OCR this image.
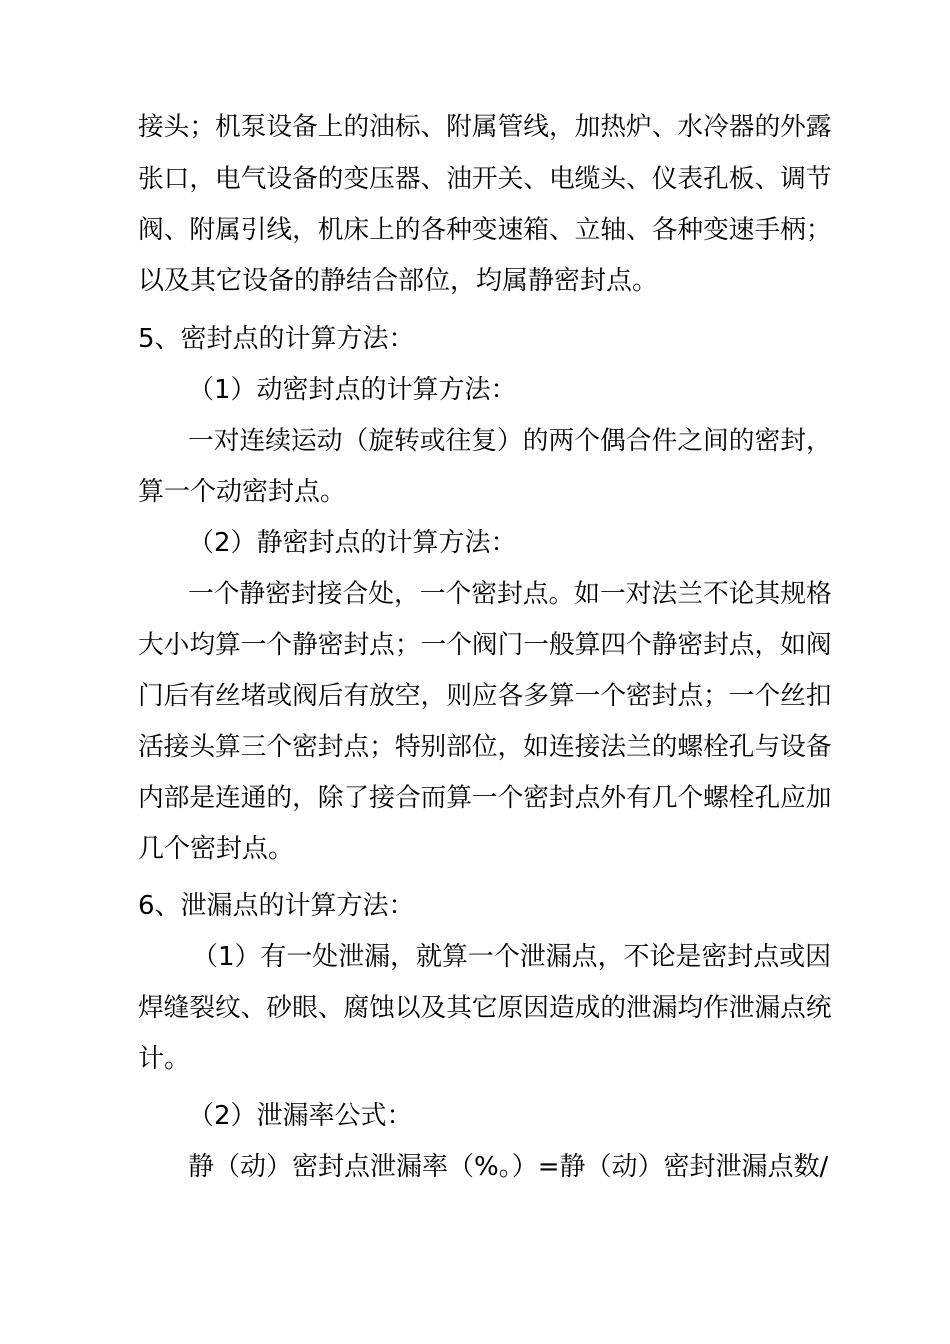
接头；机泵设备上的油标、附属管线，加热炉、水冷器的外露
张口，电气设备的变压器、油开关、电缆头、仪表孔板、调节
阀、附属引线，机床上的各种变速箱、立轴、各种变速手柄；
以及其它设备的静结合部位，均属静密封点。
5、密封点的计算方法：
（1）动密封点的计算方法：
一对连续运动（旋转或往复）的两个偶合件之间的密封，
算一个动密封点。
（2）静密封点的计算方法：
一个静密封接合处，一个密封点。如一对法兰不论其规格
大小均算一个静密封点；一个阀门一般算四个静密封点，如阀
门后有丝堵或阀后有放空，则应各多算一个密封点；一个丝扣
活接头算三个密封点；特别部位，如连接法兰的螺栓孔与设备
内部是连通的，除了接合而算一个密封点外有几个螺栓孔应加
几个密封点。
6、泄漏点的计算方法：
（1）有一处泄漏，就算一个泄漏点，不论是密封点或因
焊缝裂纹、砂眼、腐蚀以及其它原因造成的泄漏均作泄漏点统
计。
（2）泄漏率公式：
静（动）密封点泄漏率（%。）=静（动）密封泄漏点数/
